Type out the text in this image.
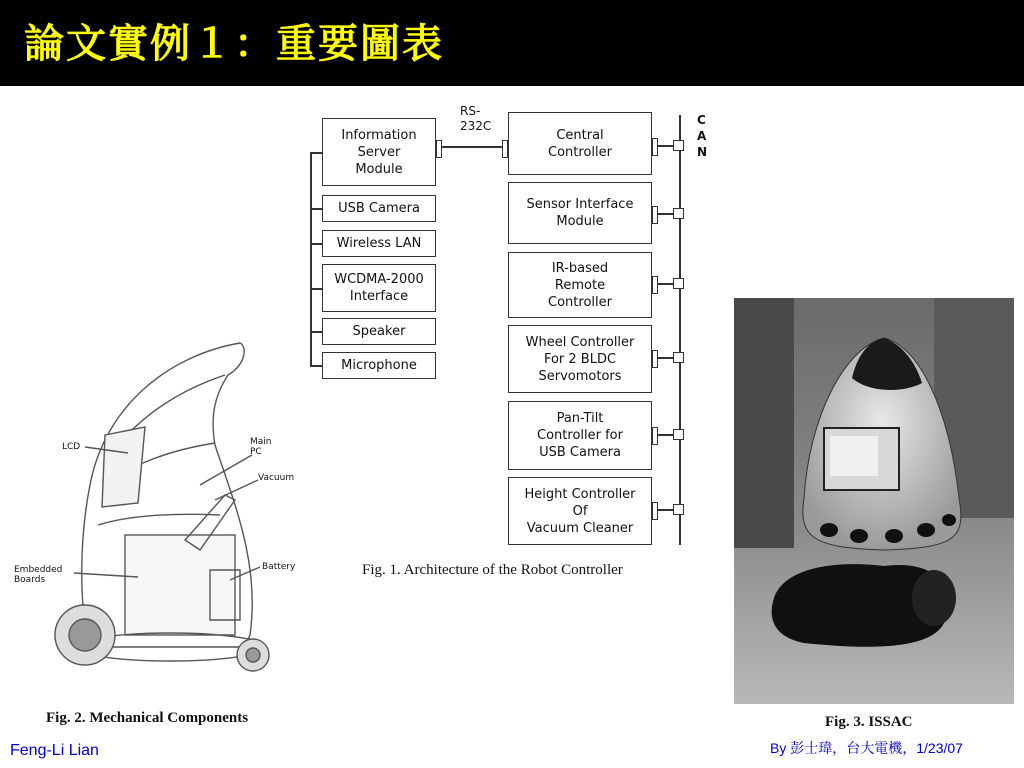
論文實例１：重要圖表
Information
Server
Module
USB Camera
Wireless LAN
WCDMA-2000
Interface
Speaker
Microphone
RS-
232C
Central
Controller
Sensor Interface
Module
IR-based
Remote
Controller
Wheel Controller
For 2 BLDC
Servomotors
Pan-Tilt
Controller for
USB Camera
Height Controller
Of
Vacuum Cleaner
C
A
N
Fig. 1. Architecture of the Robot Controller
LCD	Main
PC
Vacuum
Embedded
Boards
Battery
Fig. 2. Mechanical Components	Fig. 3. ISSAC
Feng-Li Lian	By 彭士瑋，台大電機，1/23/07
